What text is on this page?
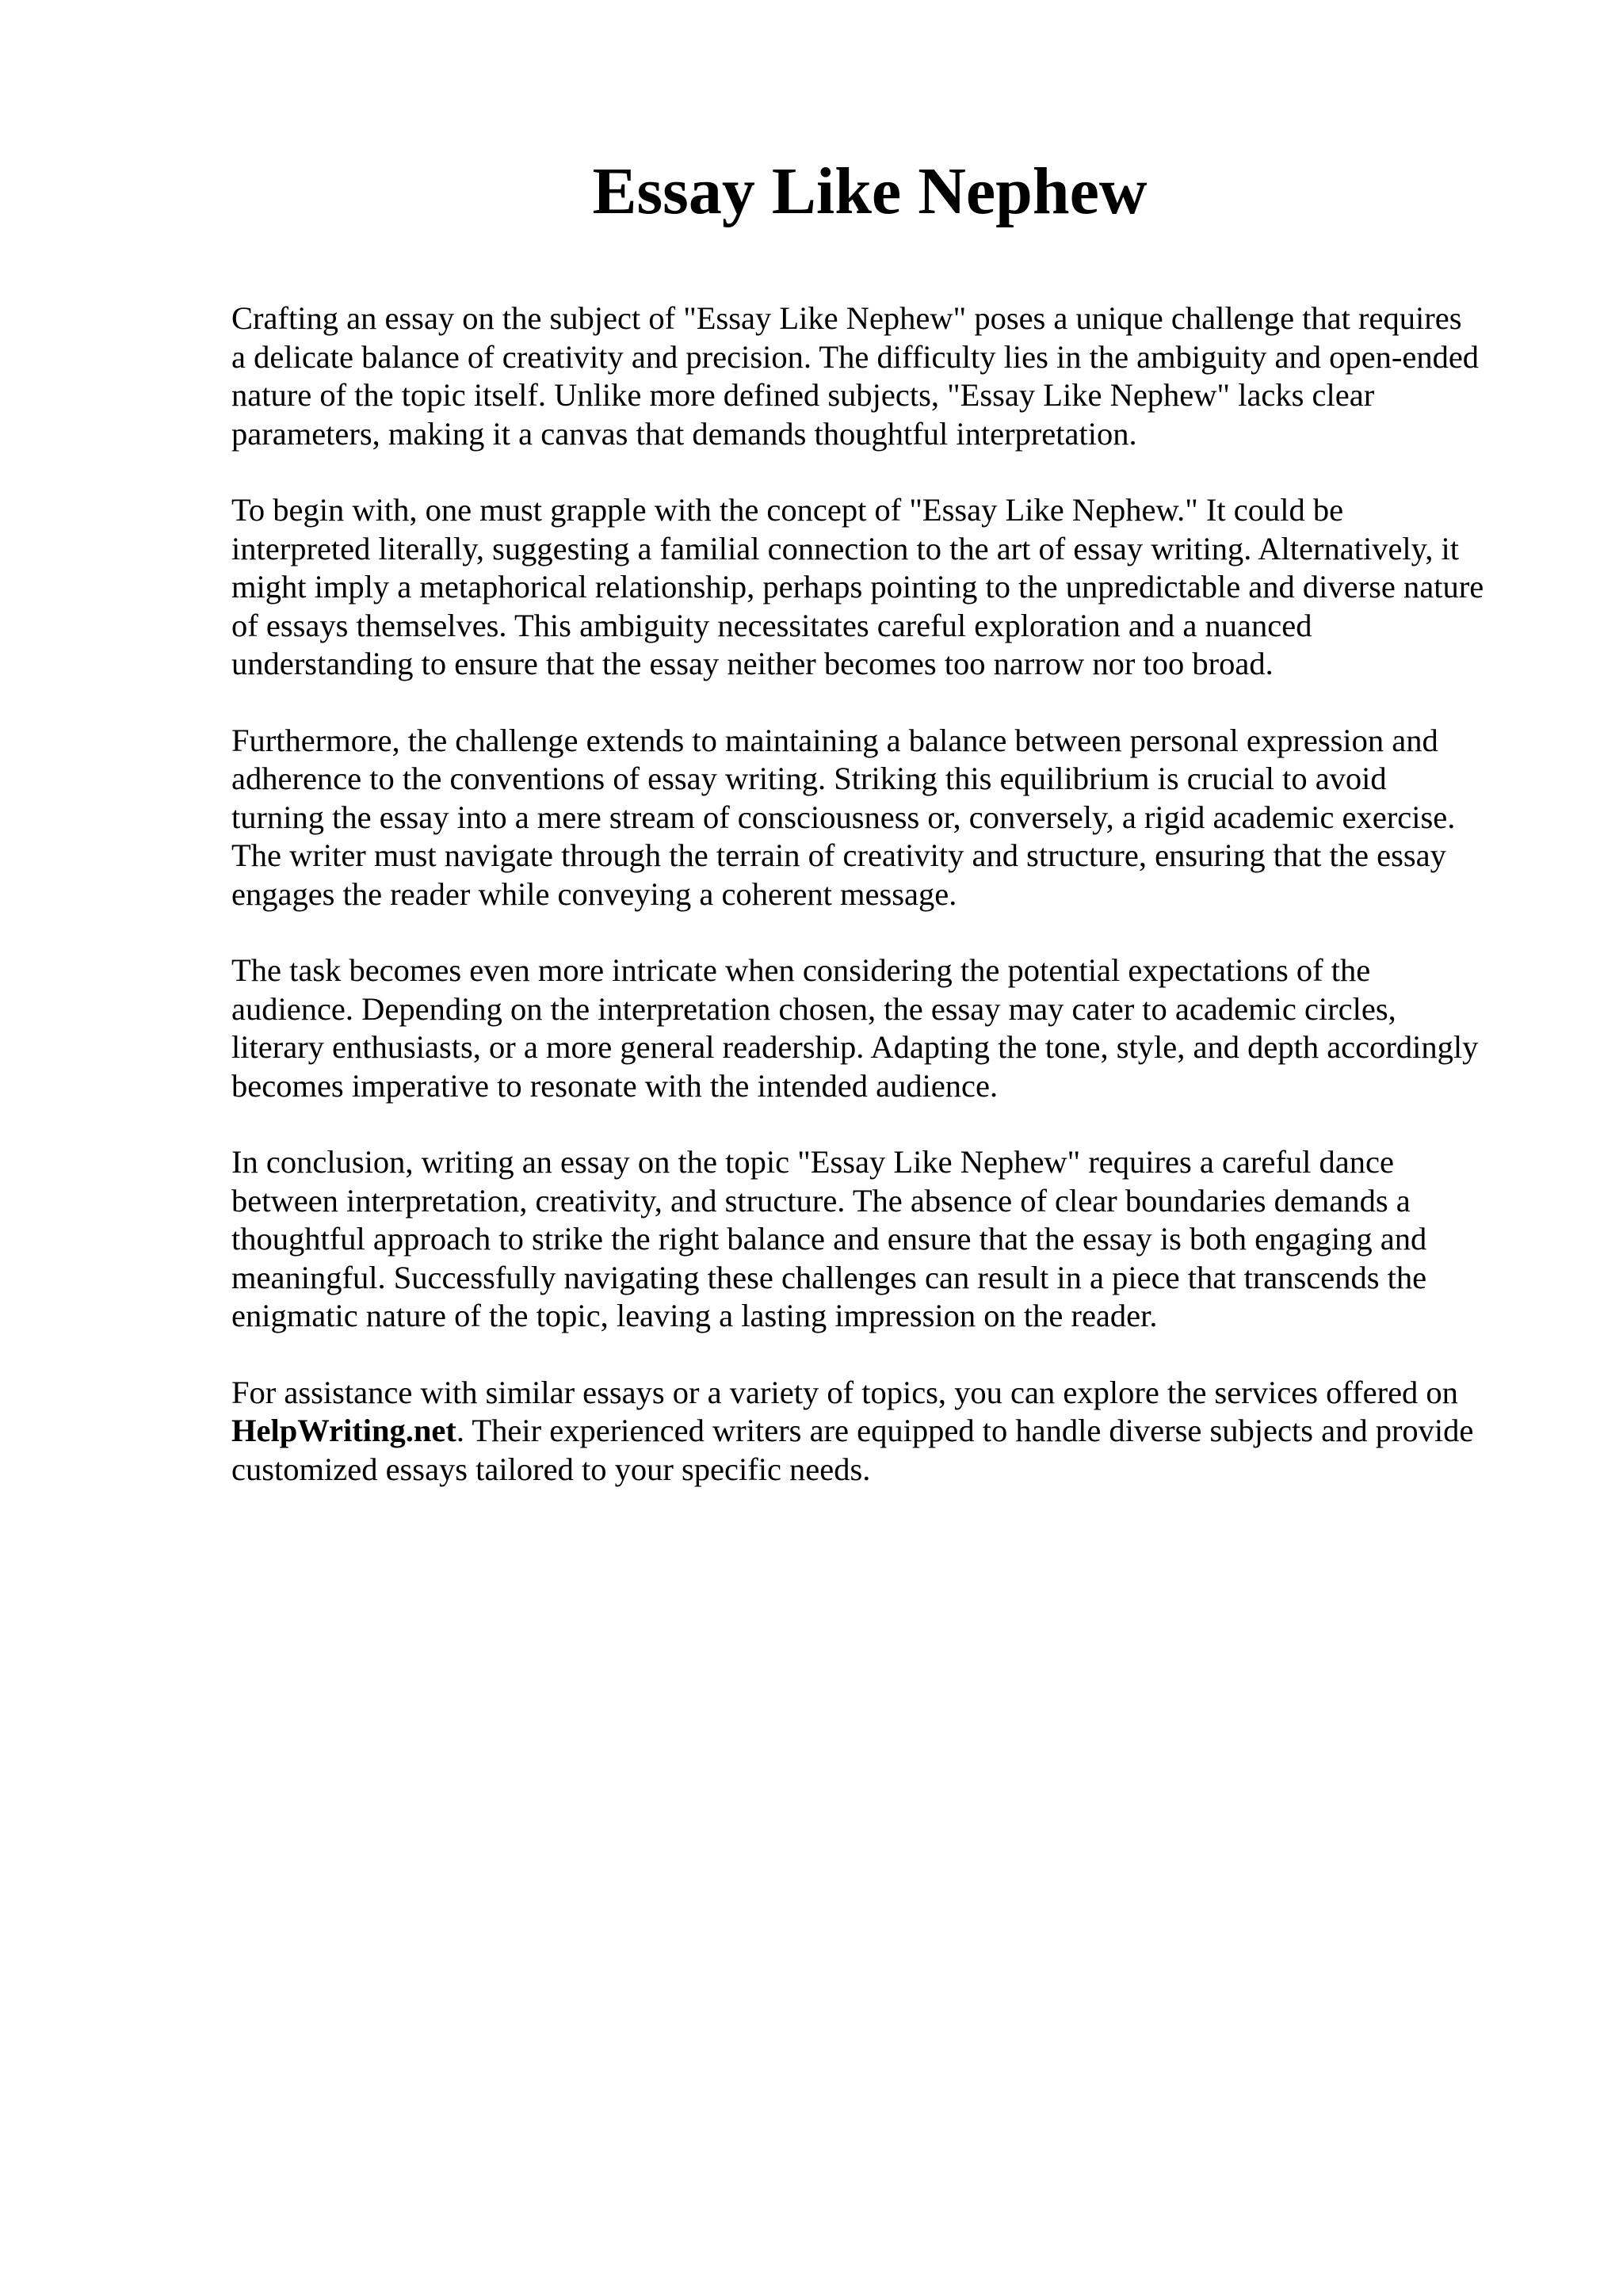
Essay Like Nephew

Crafting an essay on the subject of "Essay Like Nephew" poses a unique challenge that requires
a delicate balance of creativity and precision. The difficulty lies in the ambiguity and open-ended
nature of the topic itself. Unlike more defined subjects, "Essay Like Nephew" lacks clear
parameters, making it a canvas that demands thoughtful interpretation.

To begin with, one must grapple with the concept of "Essay Like Nephew." It could be
interpreted literally, suggesting a familial connection to the art of essay writing. Alternatively, it
might imply a metaphorical relationship, perhaps pointing to the unpredictable and diverse nature
of essays themselves. This ambiguity necessitates careful exploration and a nuanced
understanding to ensure that the essay neither becomes too narrow nor too broad.

Furthermore, the challenge extends to maintaining a balance between personal expression and
adherence to the conventions of essay writing. Striking this equilibrium is crucial to avoid
turning the essay into a mere stream of consciousness or, conversely, a rigid academic exercise.
The writer must navigate through the terrain of creativity and structure, ensuring that the essay
engages the reader while conveying a coherent message.

The task becomes even more intricate when considering the potential expectations of the
audience. Depending on the interpretation chosen, the essay may cater to academic circles,
literary enthusiasts, or a more general readership. Adapting the tone, style, and depth accordingly
becomes imperative to resonate with the intended audience.

In conclusion, writing an essay on the topic "Essay Like Nephew" requires a careful dance
between interpretation, creativity, and structure. The absence of clear boundaries demands a
thoughtful approach to strike the right balance and ensure that the essay is both engaging and
meaningful. Successfully navigating these challenges can result in a piece that transcends the
enigmatic nature of the topic, leaving a lasting impression on the reader.

For assistance with similar essays or a variety of topics, you can explore the services offered on
HelpWriting.net. Their experienced writers are equipped to handle diverse subjects and provide
customized essays tailored to your specific needs.
